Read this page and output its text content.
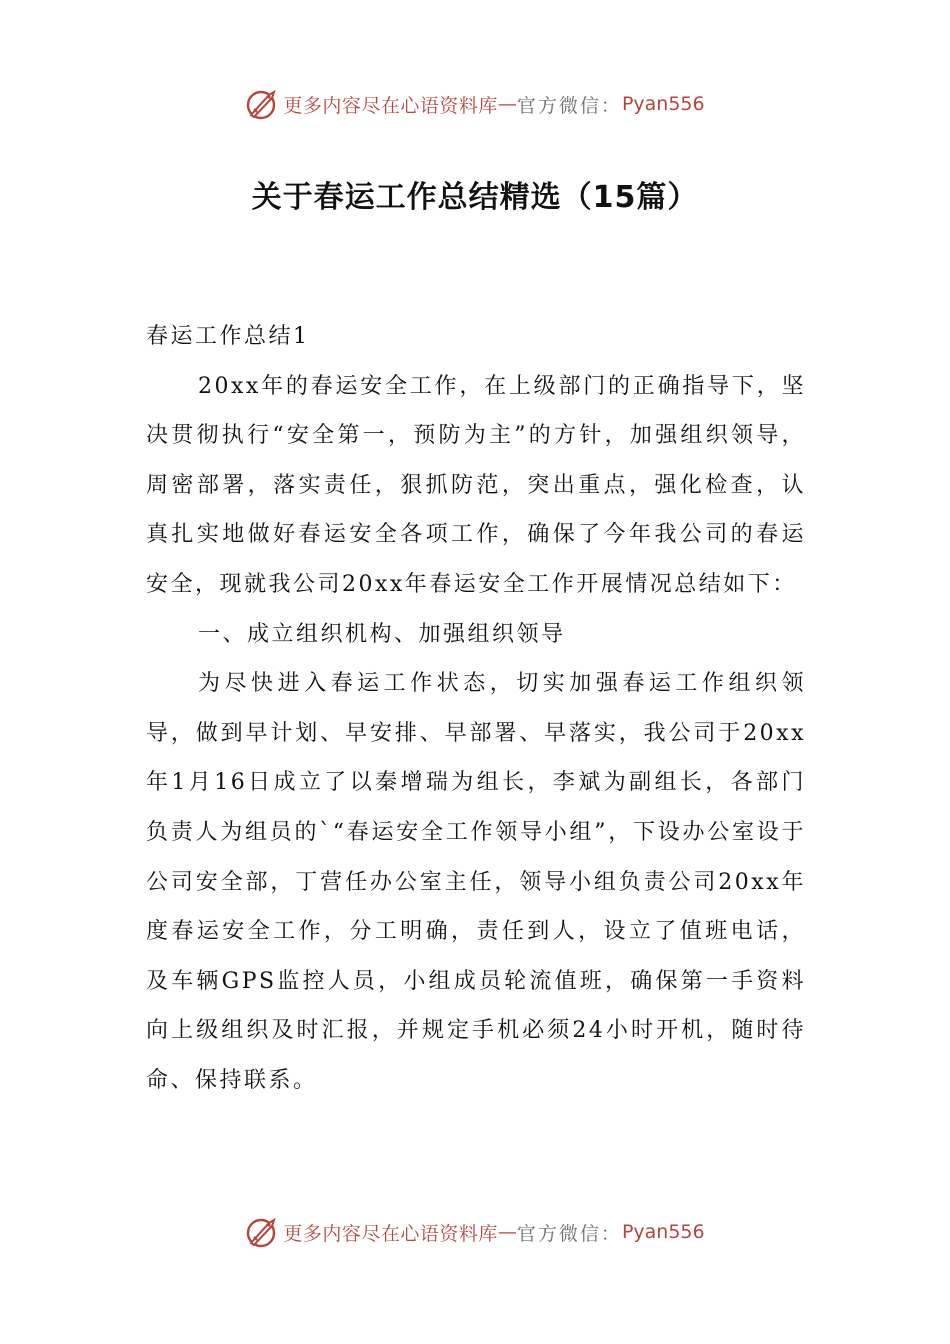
更多内容尽在心语资料库 — 官方微信： Pyan556
关于春运工作总结精选（15篇）

春运工作总结1

20xx年的春运安全工作，在上级部门的正确指导下，坚决贯彻执行“安全第一，预防为主”的方针，加强组织领导，周密部署，落实责任，狠抓防范，突出重点，强化检查，认真扎实地做好春运安全各项工作，确保了今年我公司的春运安全，现就我公司20xx年春运安全工作开展情况总结如下：

一、成立组织机构、加强组织领导

为尽快进入春运工作状态，切实加强春运工作组织领导，做到早计划、早安排、早部署、早落实，我公司于20xx年1月16日成立了以秦增瑞为组长，李斌为副组长，各部门负责人为组员的`“春运安全工作领导小组”，下设办公室设于公司安全部，丁营任办公室主任，领导小组负责公司20xx年度春运安全工作，分工明确，责任到人，设立了值班电话，及车辆GPS监控人员，小组成员轮流值班，确保第一手资料向上级组织及时汇报，并规定手机必须24小时开机，随时待命、保持联系。

更多内容尽在心语资料库 — 官方微信： Pyan556
